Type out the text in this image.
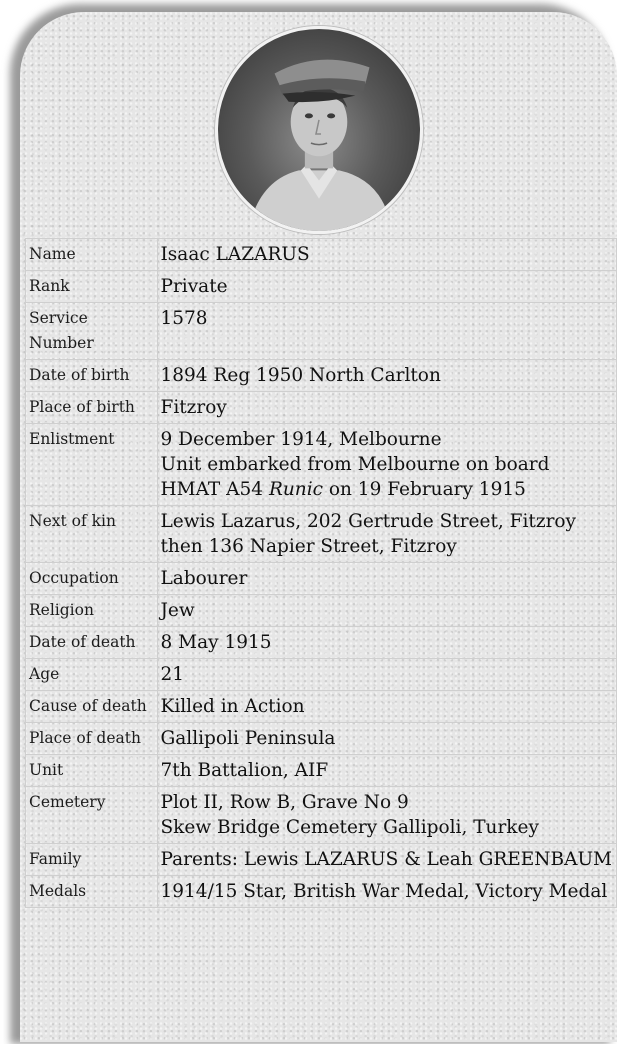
Name	Isaac LAZARUS

Rank	Private

Service Number	1578

Date of birth	1894 Reg 1950 North Carlton

Place of birth	Fitzroy

Enlistment	9 December 1914, Melbourne
Unit embarked from Melbourne on board
HMAT A54 Runic on 19 February 1915

Next of kin	Lewis Lazarus, 202 Gertrude Street, Fitzroy
then 136 Napier Street, Fitzroy

Occupation	Labourer

Religion	Jew

Date of death	8 May 1915

Age	21

Cause of death	Killed in Action

Place of death	Gallipoli Peninsula

Unit	7th Battalion, AIF

Cemetery	Plot II, Row B, Grave No 9
Skew Bridge Cemetery Gallipoli, Turkey

Family	Parents: Lewis LAZARUS & Leah GREENBAUM

Medals	1914/15 Star, British War Medal, Victory Medal
